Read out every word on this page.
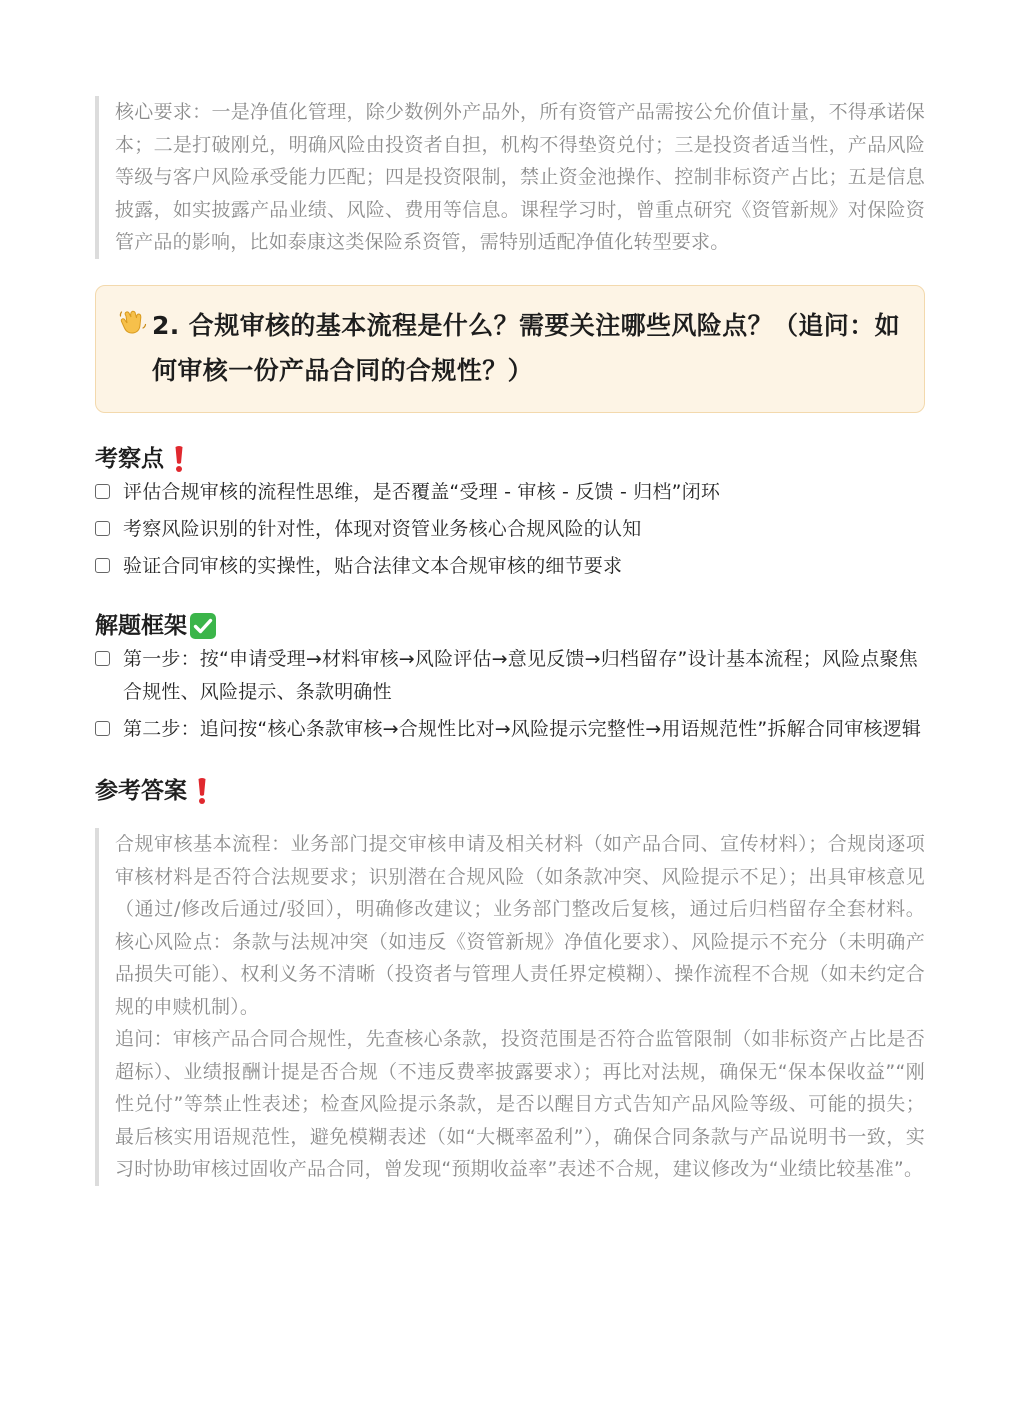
核心要求：一是净值化管理，除少数例外产品外，所有资管产品需按公允价值计量，不得承诺保本；二是打破刚兑，明确风险由投资者自担，机构不得垫资兑付；三是投资者适当性，产品风险等级与客户风险承受能力匹配；四是投资限制，禁止资金池操作、控制非标资产占比；五是信息披露，如实披露产品业绩、风险、费用等信息。课程学习时，曾重点研究《资管新规》对保险资管产品的影响，比如泰康这类保险系资管，需特别适配净值化转型要求。

2. 合规审核的基本流程是什么？需要关注哪些风险点？（追问：如何审核一份产品合同的合规性？）
考察点
评估合规审核的流程性思维，是否覆盖“受理 - 审核 - 反馈 - 归档”闭环
考察风险识别的针对性，体现对资管业务核心合规风险的认知
验证合同审核的实操性，贴合法律文本合规审核的细节要求
解题框架
第一步：按“申请受理→材料审核→风险评估→意见反馈→归档留存”设计基本流程；风险点聚焦合规性、风险提示、条款明确性
第二步：追问按“核心条款审核→合规性比对→风险提示完整性→用语规范性”拆解合同审核逻辑
参考答案

合规审核基本流程：业务部门提交审核申请及相关材料（如产品合同、宣传材料）；合规岗逐项审核材料是否符合法规要求；识别潜在合规风险（如条款冲突、风险提示不足）；出具审核意见（通过/修改后通过/驳回），明确修改建议；业务部门整改后复核，通过后归档留存全套材料。核心风险点：条款与法规冲突（如违反《资管新规》净值化要求）、风险提示不充分（未明确产品损失可能）、权利义务不清晰（投资者与管理人责任界定模糊）、操作流程不合规（如未约定合规的申赎机制）。

追问：审核产品合同合规性，先查核心条款，投资范围是否符合监管限制（如非标资产占比是否超标）、业绩报酬计提是否合规（不违反费率披露要求）；再比对法规，确保无“保本保收益”“刚性兑付”等禁止性表述；检查风险提示条款，是否以醒目方式告知产品风险等级、可能的损失；最后核实用语规范性，避免模糊表述（如“大概率盈利”），确保合同条款与产品说明书一致，实习时协助审核过固收产品合同，曾发现“预期收益率”表述不合规，建议修改为“业绩比较基准”。
